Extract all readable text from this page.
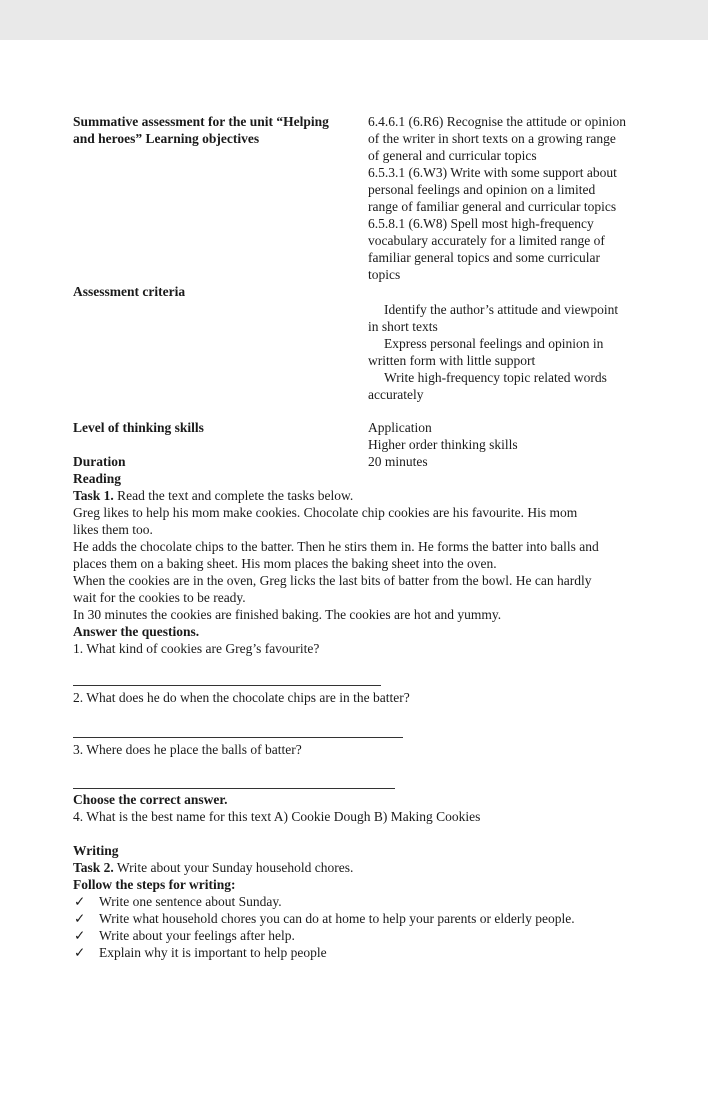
Summative assessment for the unit “Helping
and heroes” Learning objectives
6.4.6.1 (6.R6) Recognise the attitude or opinion
of the writer in short texts on a growing range
of general and curricular topics
6.5.3.1 (6.W3) Write with some support about
personal feelings and opinion on a limited
range of familiar general and curricular topics
6.5.8.1 (6.W8) Spell most high-frequency
vocabulary accurately for a limited range of
familiar general topics and some curricular
topics
Assessment criteria
Identify the author’s attitude and viewpoint
in short texts
Express personal feelings and opinion in
written form with little support
Write high-frequency topic related words
accurately
Level of thinking skills	Application
Higher order thinking skills
Duration	20 minutes
Reading
Task 1. Read the text and complete the tasks below.
Greg likes to help his mom make cookies. Chocolate chip cookies are his favourite. His mom
likes them too.
He adds the chocolate chips to the batter. Then he stirs them in. He forms the batter into balls and
places them on a baking sheet. His mom places the baking sheet into the oven.
When the cookies are in the oven, Greg licks the last bits of batter from the bowl. He can hardly
wait for the cookies to be ready.
In 30 minutes the cookies are finished baking. The cookies are hot and yummy.
Answer the questions.
1. What kind of cookies are Greg’s favourite?
2. What does he do when the chocolate chips are in the batter?
3. Where does he place the balls of batter?
Choose the correct answer.
4. What is the best name for this text A) Cookie Dough B) Making Cookies
Writing
Task 2. Write about your Sunday household chores.
Follow the steps for writing:
✓ Write one sentence about Sunday.
✓ Write what household chores you can do at home to help your parents or elderly people.
✓ Write about your feelings after help.
✓ Explain why it is important to help people
